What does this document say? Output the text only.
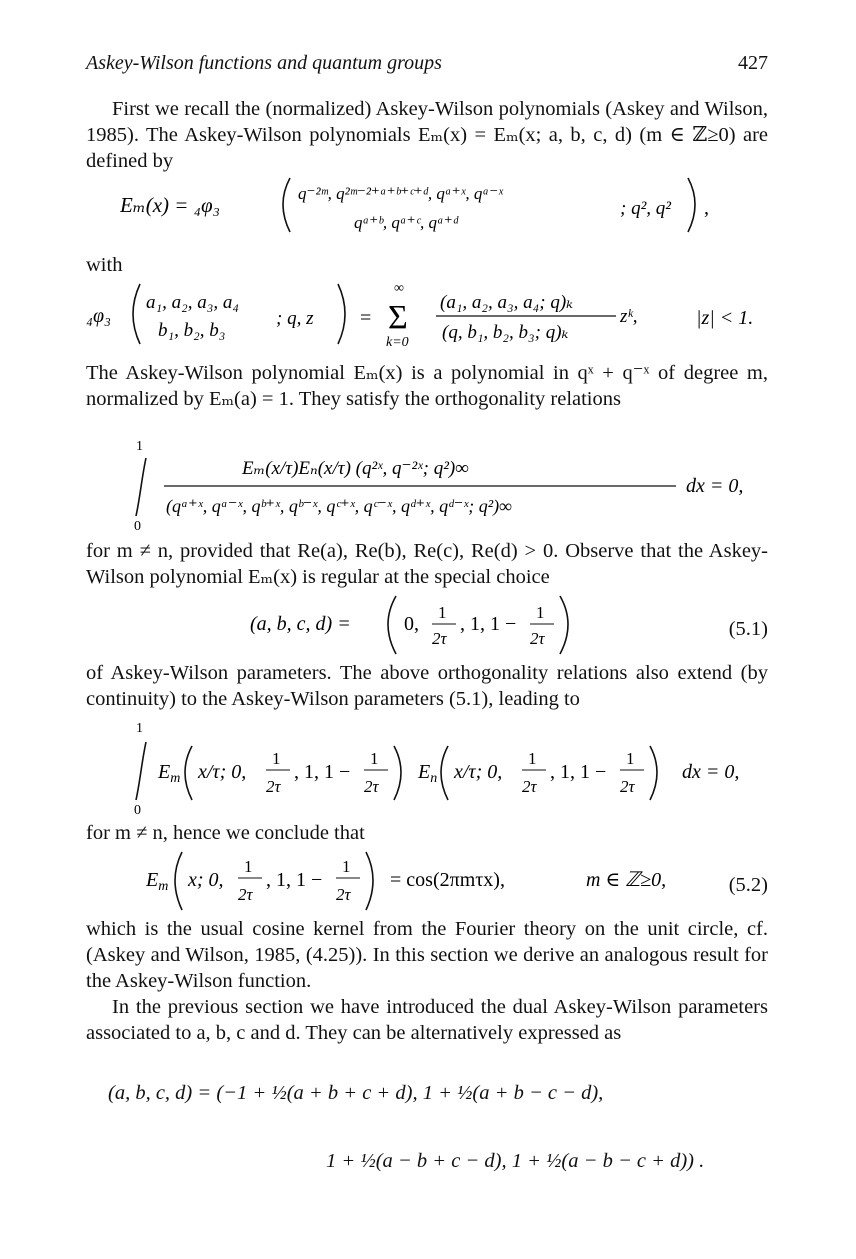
Askey-Wilson functions and quantum groups	427
First we recall the (normalized) Askey-Wilson polynomials (Askey and Wilson, 1985). The Askey-Wilson polynomials Eₘ(x) = Eₘ(x; a, b, c, d) (m ∈ ℤ≥0) are defined by
Eₘ(x) = ₄φ₃	q⁻²ᵐ, q²ᵐ⁻²⁺ᵃ⁺ᵇ⁺ᶜ⁺ᵈ, qᵃ⁺ˣ, qᵃ⁻ˣ
qᵃ⁺ᵇ, qᵃ⁺ᶜ, qᵃ⁺ᵈ
; q², q² ,
with
₄φ₃
a₁, a₂, a₃, a₄
b₁, b₂, b₃
; q, z =
∞
Σ
k=0
(a₁, a₂, a₃, a₄; q)ₖ
(q, b₁, b₂, b₃; q)ₖ
zᵏ,	|z| < 1.
The Askey-Wilson polynomial Eₘ(x) is a polynomial in qˣ + q⁻ˣ of degree m, normalized by Eₘ(a) = 1. They satisfy the orthogonality relations
1
0
Eₘ(x/τ)Eₙ(x/τ) (q²ˣ, q⁻²ˣ; q²)∞
(qᵃ⁺ˣ, qᵃ⁻ˣ, qᵇ⁺ˣ, qᵇ⁻ˣ, qᶜ⁺ˣ, qᶜ⁻ˣ, qᵈ⁺ˣ, qᵈ⁻ˣ; q²)∞
dx = 0,
for m ≠ n, provided that Re(a), Re(b), Re(c), Re(d) > 0. Observe that the Askey-Wilson polynomial Eₘ(x) is regular at the special choice
(a, b, c, d) =	0,
1
2τ
, 1, 1 −
1
2τ	(5.1)
of Askey-Wilson parameters. The above orthogonality relations also extend (by continuity) to the Askey-Wilson parameters (5.1), leading to
1
0
$E_m$ x/τ; 0,
1
2τ
, 1, 1 −
1
2τ
$E_n$ x/τ; 0,
1
2τ
, 1, 1 −
1
2τ
dx = 0,
for m ≠ n, hence we conclude that
$E_m$ x; 0,
1
2τ
, 1, 1 −
1
2τ
= cos(2πmτx),	m ∈ ℤ≥0,	(5.2)
which is the usual cosine kernel from the Fourier theory on the unit circle, cf. (Askey and Wilson, 1985, (4.25)). In this section we derive an analogous result for the Askey-Wilson function.
In the previous section we have introduced the dual Askey-Wilson parameters associated to a, b, c and d. They can be alternatively expressed as
(a, b, c, d) = (−1 + ½(a + b + c + d), 1 + ½(a + b − c − d),
1 + ½(a − b + c − d), 1 + ½(a − b − c + d)) .
